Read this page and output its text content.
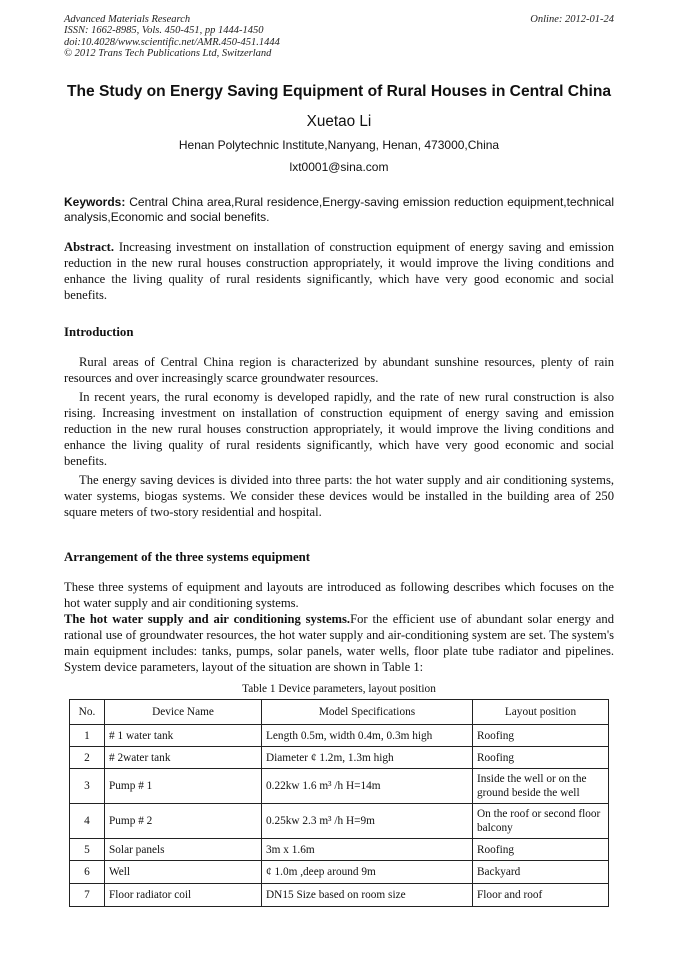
Advanced Materials Research
ISSN: 1662-8985, Vols. 450-451, pp 1444-1450
doi:10.4028/www.scientific.net/AMR.450-451.1444
© 2012 Trans Tech Publications Ltd, Switzerland
Online: 2012-01-24
The Study on Energy Saving Equipment of Rural Houses in Central China
Xuetao Li
Henan Polytechnic Institute,Nanyang, Henan, 473000,China
lxt0001@sina.com
Keywords: Central China area,Rural residence,Energy-saving emission reduction equipment,technical analysis,Economic and social benefits.
Abstract. Increasing investment on installation of construction equipment of energy saving and emission reduction in the new rural houses construction appropriately, it would improve the living conditions and enhance the living quality of rural residents significantly, which have very good economic and social benefits.
Introduction

Rural areas of Central China region is characterized by abundant sunshine resources, plenty of rain resources and over increasingly scarce groundwater resources.

In recent years, the rural economy is developed rapidly, and the rate of new rural construction is also rising. Increasing investment on installation of construction equipment of energy saving and emission reduction in the new rural houses construction appropriately, it would improve the living conditions and enhance the living quality of rural residents significantly, which have very good economic and social benefits.

The energy saving devices is divided into three parts: the hot water supply and air conditioning systems, water systems, biogas systems. We consider these devices would be installed in the building area of 250 square meters of two-story residential and hospital.

Arrangement of the three systems equipment

These three systems of equipment and layouts are introduced as following describes which focuses on the hot water supply and air conditioning systems.

The hot water supply and air conditioning systems.For the efficient use of abundant solar energy and rational use of groundwater resources, the hot water supply and air-conditioning system are set. The system's main equipment includes: tanks, pumps, solar panels, water wells, floor plate tube radiator and pipelines. System device parameters, layout of the situation are shown in Table 1:

Table 1 Device parameters, layout position
No.	Device Name	Model Specifications	Layout position
1	# 1 water tank	Length 0.5m, width 0.4m, 0.3m high	Roofing
2	# 2water tank	Diameter ¢ 1.2m, 1.3m high	Roofing
3	Pump # 1	0.22kw 1.6 m³ /h H=14m	Inside the well or on the ground beside the well
4	Pump # 2	0.25kw 2.3 m³ /h H=9m	On the roof or second floor balcony
5	Solar panels	3m x 1.6m	Roofing
6	Well	¢ 1.0m ,deep around 9m	Backyard
7	Floor radiator coil	DN15 Size based on room size	Floor and roof
